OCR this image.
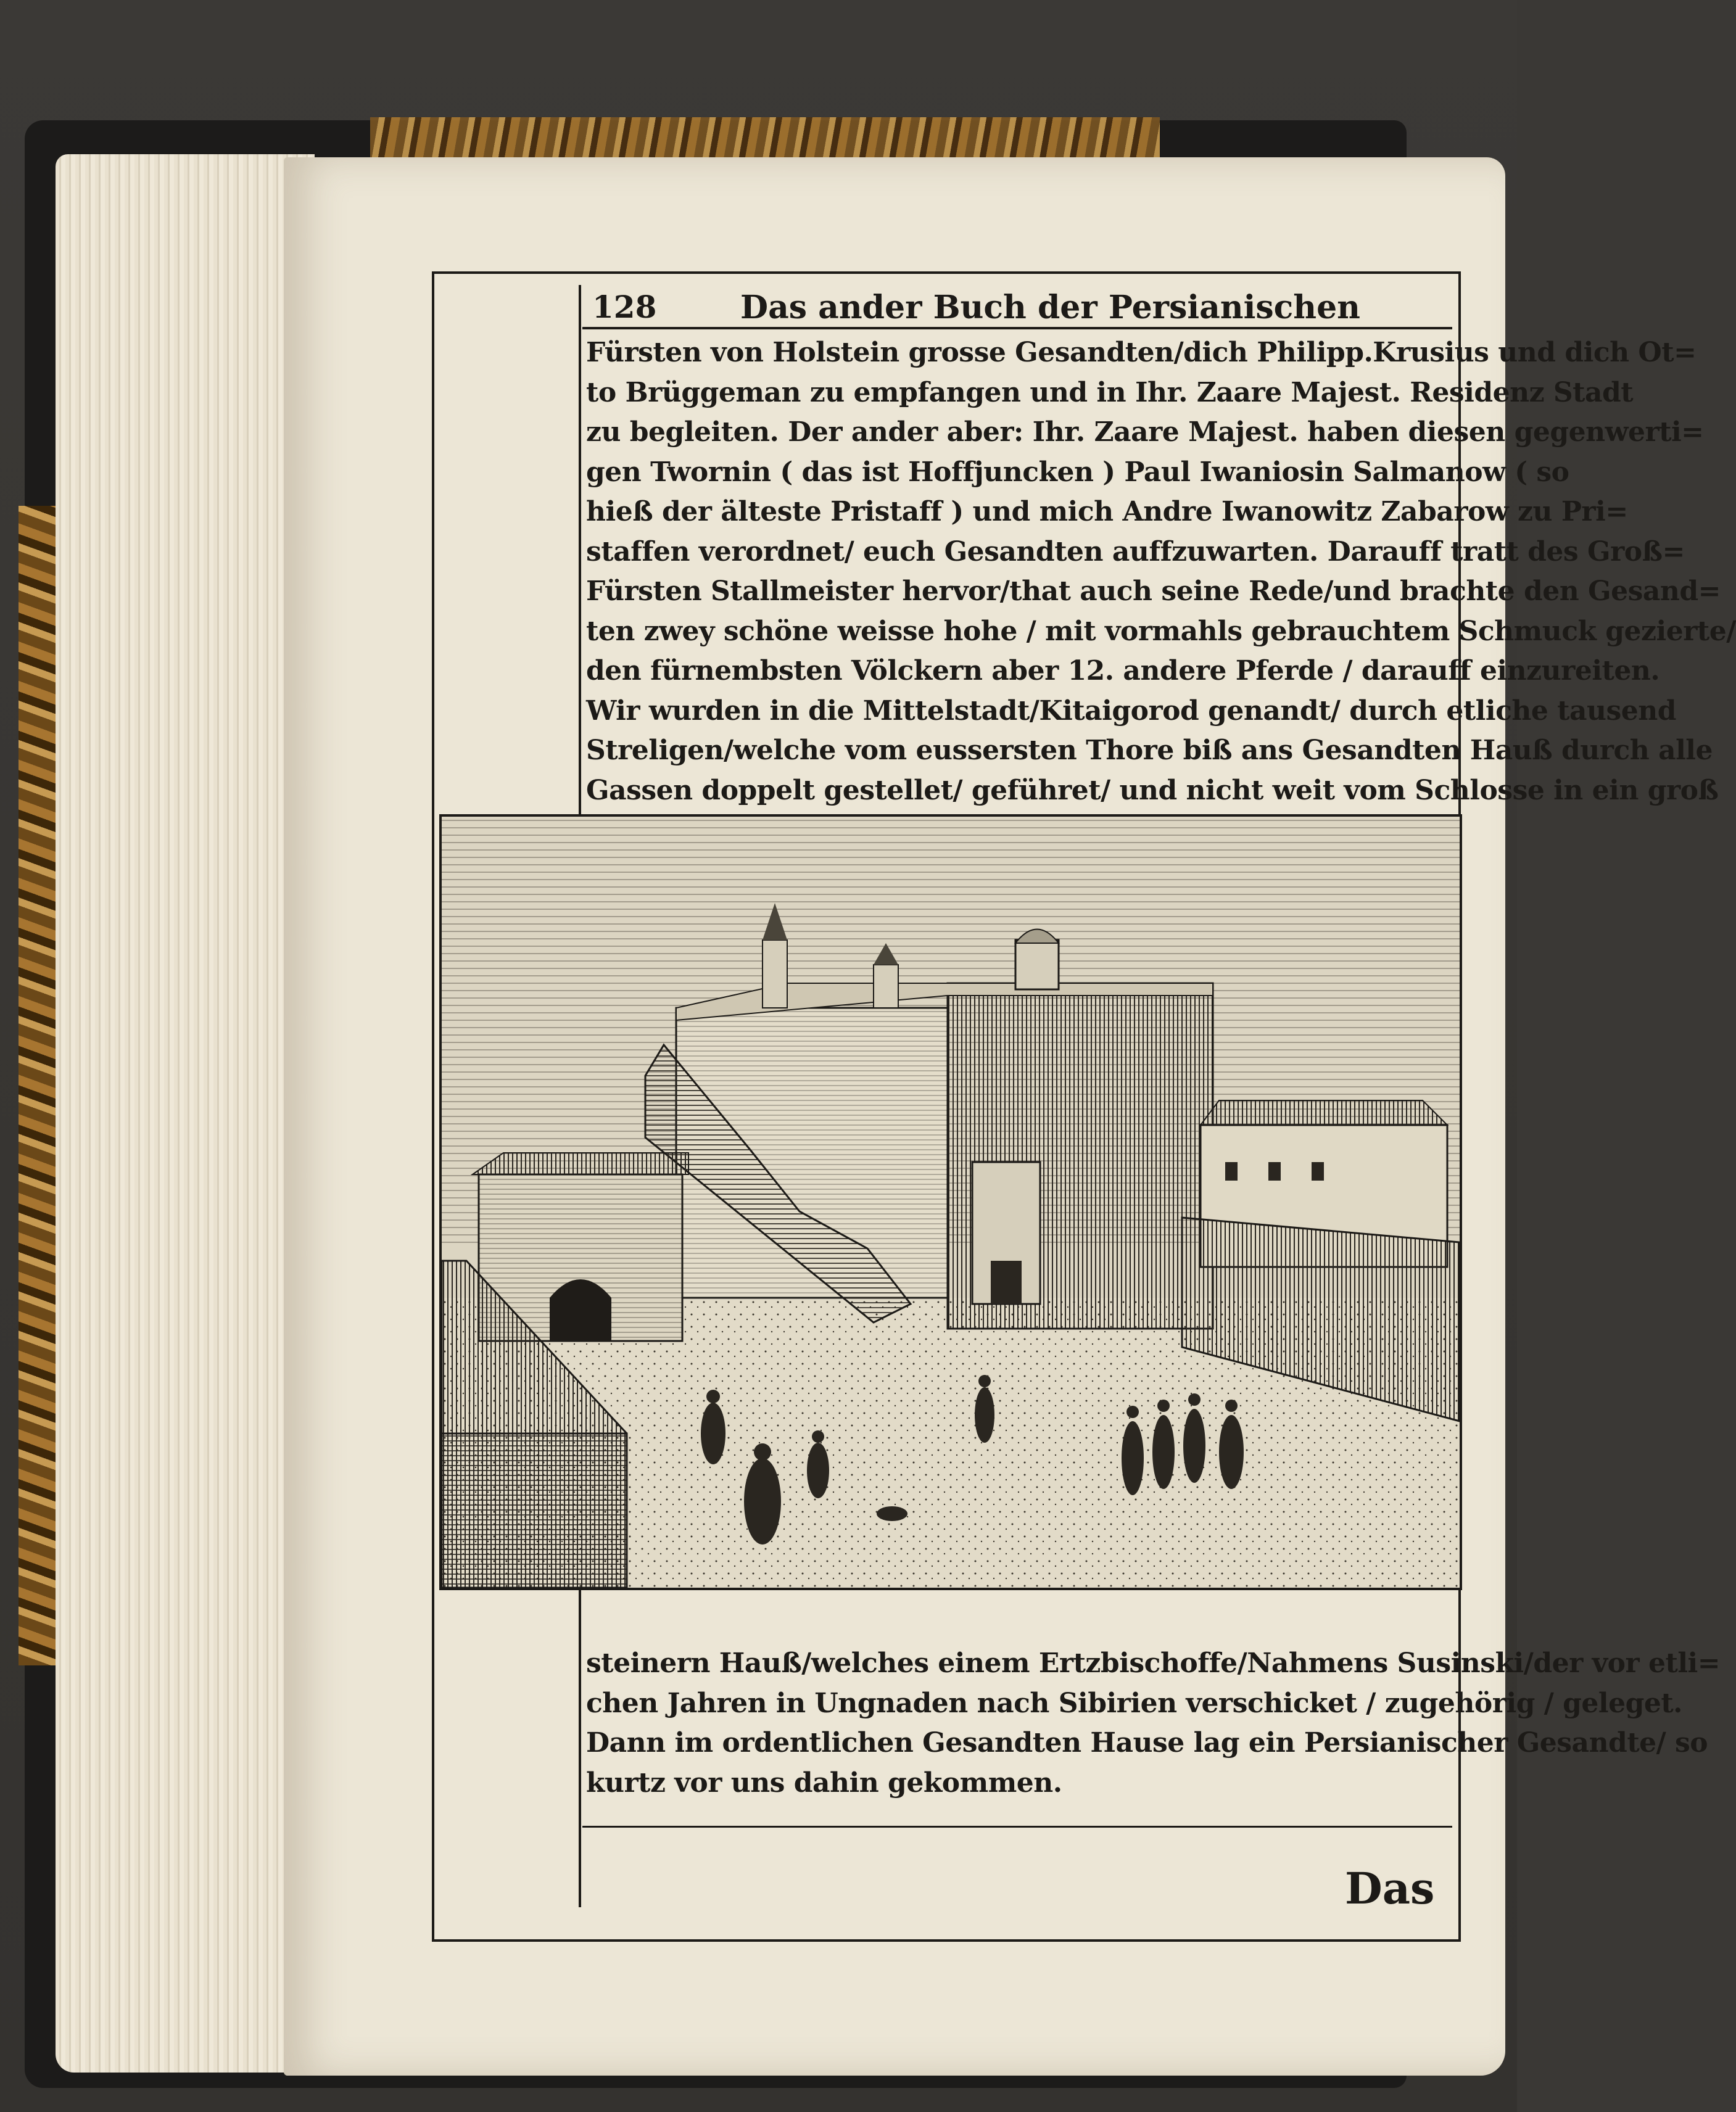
128	Das ander Buch der Persianischen
Fürsten von Holstein grosse Gesandten/dich Philipp.Krusius und dich Ot=
to Brüggeman zu empfangen und in Ihr. Zaare Majest. Residenz Stadt
zu begleiten. Der ander aber: Ihr. Zaare Majest. haben diesen gegenwerti=
gen Twornin ( das ist Hoffjuncken ) Paul Iwaniosin Salmanow ( so
hieß der älteste Pristaff ) und mich Andre Iwanowitz Zabarow zu Pri=
staffen verordnet/ euch Gesandten auffzuwarten. Darauff tratt des Groß=
Fürsten Stallmeister hervor/that auch seine Rede/und brachte den Gesand=
ten zwey schöne weisse hohe / mit vormahls gebrauchtem Schmuck gezierte/
den fürnembsten Völckern aber 12. andere Pferde / darauff einzureiten.
Wir wurden in die Mittelstadt/Kitaigorod genandt/ durch etliche tausend
Streligen/welche vom eussersten Thore biß ans Gesandten Hauß durch alle
Gassen doppelt gestellet/ geführet/ und nicht weit vom Schlosse in ein groß
steinern Hauß/welches einem Ertzbischoffe/Nahmens Susinski/der vor etli=
chen Jahren in Ungnaden nach Sibirien verschicket / zugehörig / geleget.
Dann im ordentlichen Gesandten Hause lag ein Persianischer Gesandte/ so
kurtz vor uns dahin gekommen.
Das
